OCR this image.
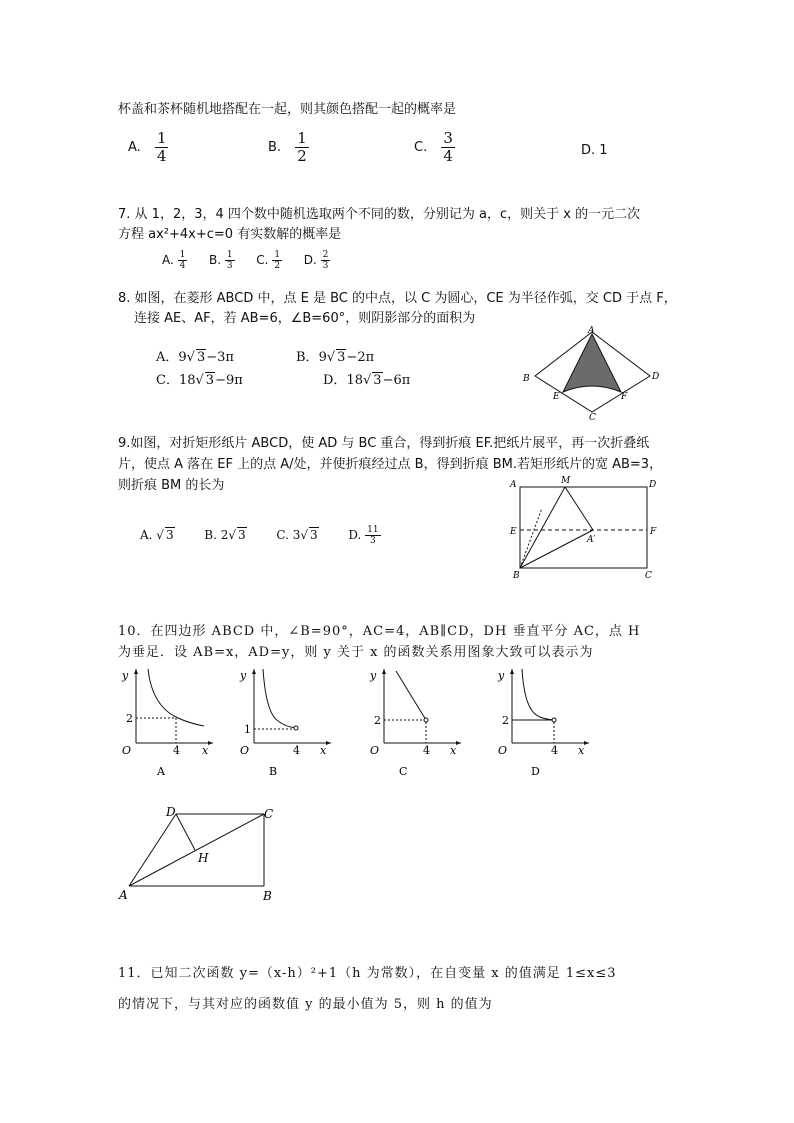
杯盖和茶杯随机地搭配在一起，则其颜色搭配一起的概率是
A. $\frac{1}{4}$	B. $\frac{1}{2}$	C. $\frac{3}{4}$	D. 1
7. 从 1，2，3，4 四个数中随机选取两个不同的数，分别记为 a，c，则关于 x 的一元二次
方程 ax²+4x+c=0 有实数解的概率是
A. $\frac{1}{4} B$. $\frac{1}{3} C$. $\frac{1}{2} D$. $\frac{2}{3}$
8. 如图，在菱形 ABCD 中，点 E 是 BC 的中点，以 C 为圆心，CE 为半径作弧，交 CD 于点 F，
连接 AE、AF，若 AB=6，∠B=60°，则阴影部分的面积为
A．9√ 3−3π	B．9√ 3−2π
C．18√ 3−9π	D．18√ 3−6π
A
B	D
E	F
C
9.如图，对折矩形纸片 ABCD，使 AD 与 BC 重合，得到折痕 EF.把纸片展平，再一次折叠纸
片，使点 A 落在 EF 上的点 A/处，并使折痕经过点 B，得到折痕 BM.若矩形纸片的宽 AB=3，
则折痕 BM 的长为
A. √ 3	B. 2√ 3	C. 3√ 3	D. $\frac{11}{3}$
A	M	D
E	F
A′
B	C
10．在四边形 ABCD 中，∠B=90°，AC=4，AB∥CD，DH 垂直平分 AC，点 H
为垂足．设 AB=x，AD=y，则 y 关于 x 的函数关系用图象大致可以表示为
y
2
O	4 x
A
y
1
O	4 x
B
y
2
O	4 x
C
y
2
O	4 x
D
D	C
H
A	B
11．已知二次函数 y=（x-h）²+1（h 为常数），在自变量 x 的值满足 1≤x≤3
的情况下，与其对应的函数值 y 的最小值为 5，则 h 的值为
